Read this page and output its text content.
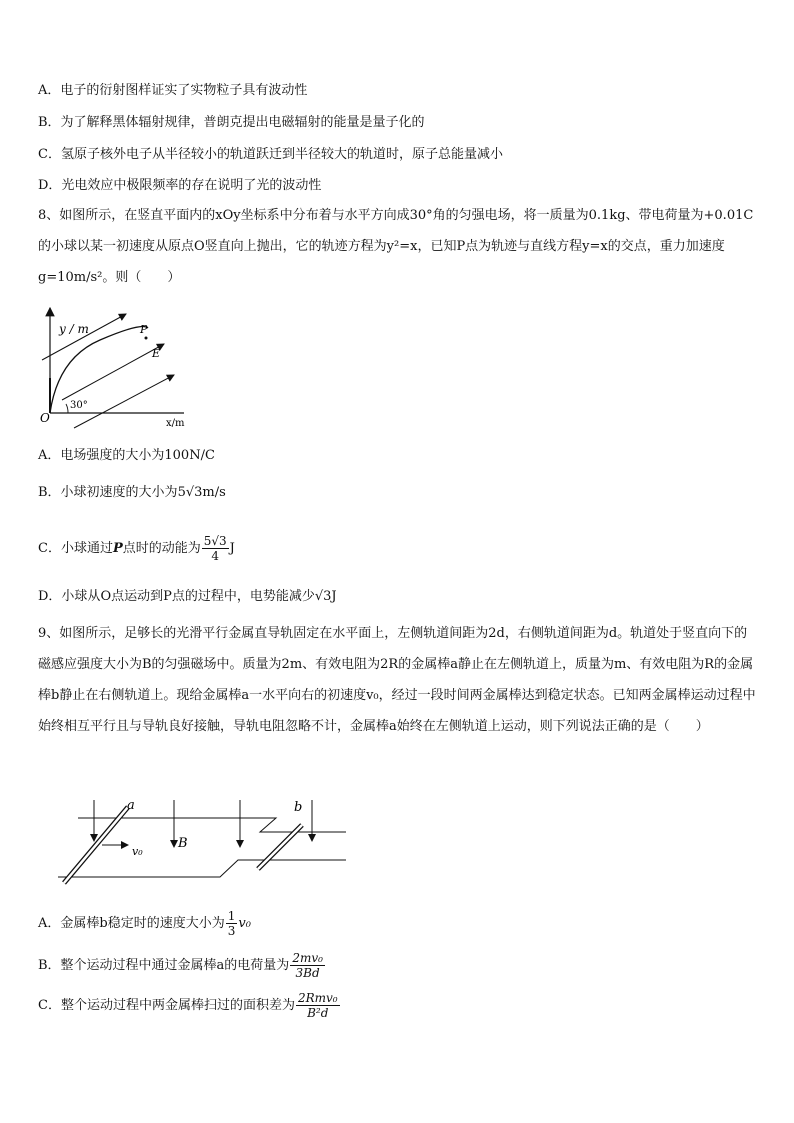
A．电子的衍射图样证实了实物粒子具有波动性
B．为了解释黑体辐射规律，普朗克提出电磁辐射的能量是量子化的
C．氢原子核外电子从半径较小的轨道跃迁到半径较大的轨道时，原子总能量减小
D．光电效应中极限频率的存在说明了光的波动性
8、如图所示，在竖直平面内的xOy坐标系中分布着与水平方向成30°角的匀强电场，将一质量为0.1kg、带电荷量为+0.01C的小球以某一初速度从原点O竖直向上抛出，它的轨迹方程为y²=x，已知P点为轨迹与直线方程y=x的交点，重力加速度g=10m/s²。则（　　）
y / m
x/m
O
30°
P
E
A．电场强度的大小为100N/C
B．小球初速度的大小为5√3m/s
C．小球通过P点时的动能为 $\frac{5√3}{4}$ J
D．小球从O点运动到P点的过程中，电势能减少√3J
9、如图所示，足够长的光滑平行金属直导轨固定在水平面上，左侧轨道间距为2d，右侧轨道间距为d。轨道处于竖直向下的磁感应强度大小为B的匀强磁场中。质量为2m、有效电阻为2R的金属棒a静止在左侧轨道上，质量为m、有效电阻为R的金属棒b静止在右侧轨道上。现给金属棒a一水平向右的初速度v₀，经过一段时间两金属棒达到稳定状态。已知两金属棒运动过程中始终相互平行且与导轨良好接触，导轨电阻忽略不计，金属棒a始终在左侧轨道上运动，则下列说法正确的是（　　）
a	b
v₀
B
A．金属棒b稳定时的速度大小为 $\frac{1}{3} v_0$
B．整个运动过程中通过金属棒a的电荷量为 $\frac{\text{2mv₀}}{3Bd}$
C．整个运动过程中两金属棒扫过的面积差为 $\frac{\text{2Rmv₀}}{\text{B²d}}$
